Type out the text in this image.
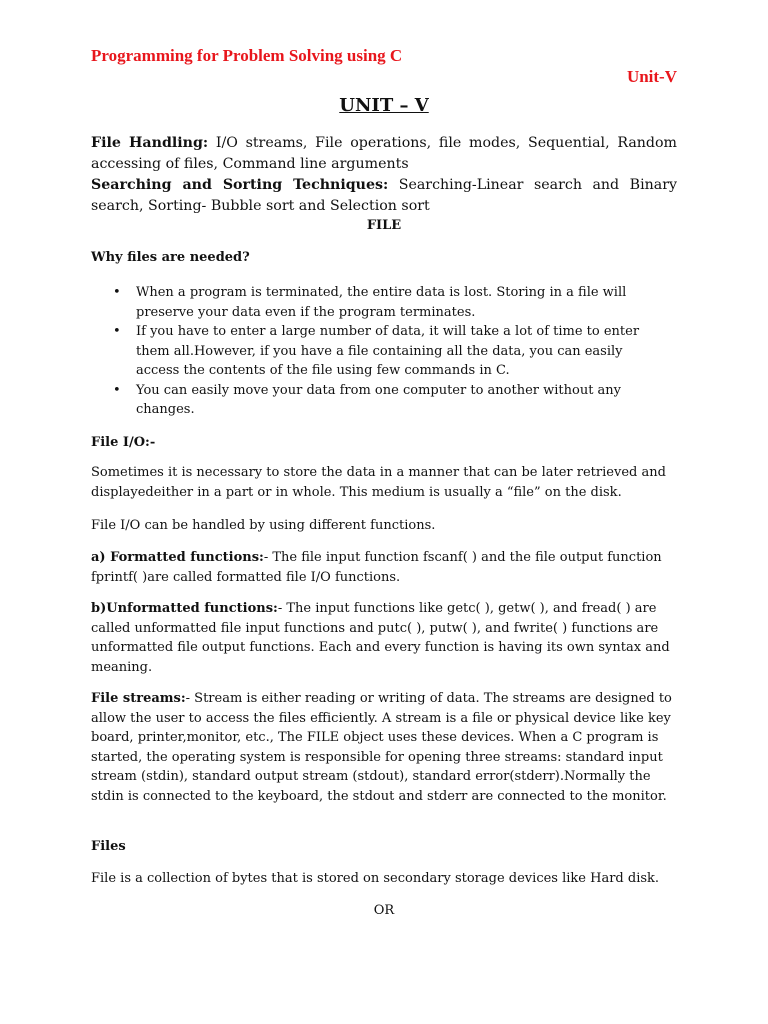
Programming for Problem Solving using C
Unit-V
UNIT – V

File Handling: I/O streams, File operations, file modes, Sequential, Random accessing of files, Command line arguments

Searching and Sorting Techniques: Searching-Linear search and Binary search, Sorting- Bubble sort and Selection sort

FILE
Why files are needed?
• When a program is terminated, the entire data is lost. Storing in a file will preserve your data even if the program terminates.
• If you have to enter a large number of data, it will take a lot of time to enter them all.However, if you have a file containing all the data, you can easily access the contents of the file using few commands in C.
• You can easily move your data from one computer to another without any changes.
File I/O:-
Sometimes it is necessary to store the data in a manner that can be later retrieved and displayedeither in a part or in whole. This medium is usually a “file” on the disk.
File I/O can be handled by using different functions.

a) Formatted functions:- The file input function fscanf( ) and the file output function fprintf( )are called formatted file I/O functions.

b)Unformatted functions:- The input functions like getc( ), getw( ), and fread( ) are called unformatted file input functions and putc( ), putw( ), and fwrite( ) functions are unformatted file output functions. Each and every function is having its own syntax and meaning.

File streams:- Stream is either reading or writing of data. The streams are designed to allow the user to access the files efficiently. A stream is a file or physical device like key board, printer,monitor, etc., The FILE object uses these devices. When a C program is started, the operating system is responsible for opening three streams: standard input stream (stdin), standard output stream (stdout), standard error(stderr).Normally the stdin is connected to the keyboard, the stdout and stderr are connected to the monitor.

Files
File is a collection of bytes that is stored on secondary storage devices like Hard disk.
OR
